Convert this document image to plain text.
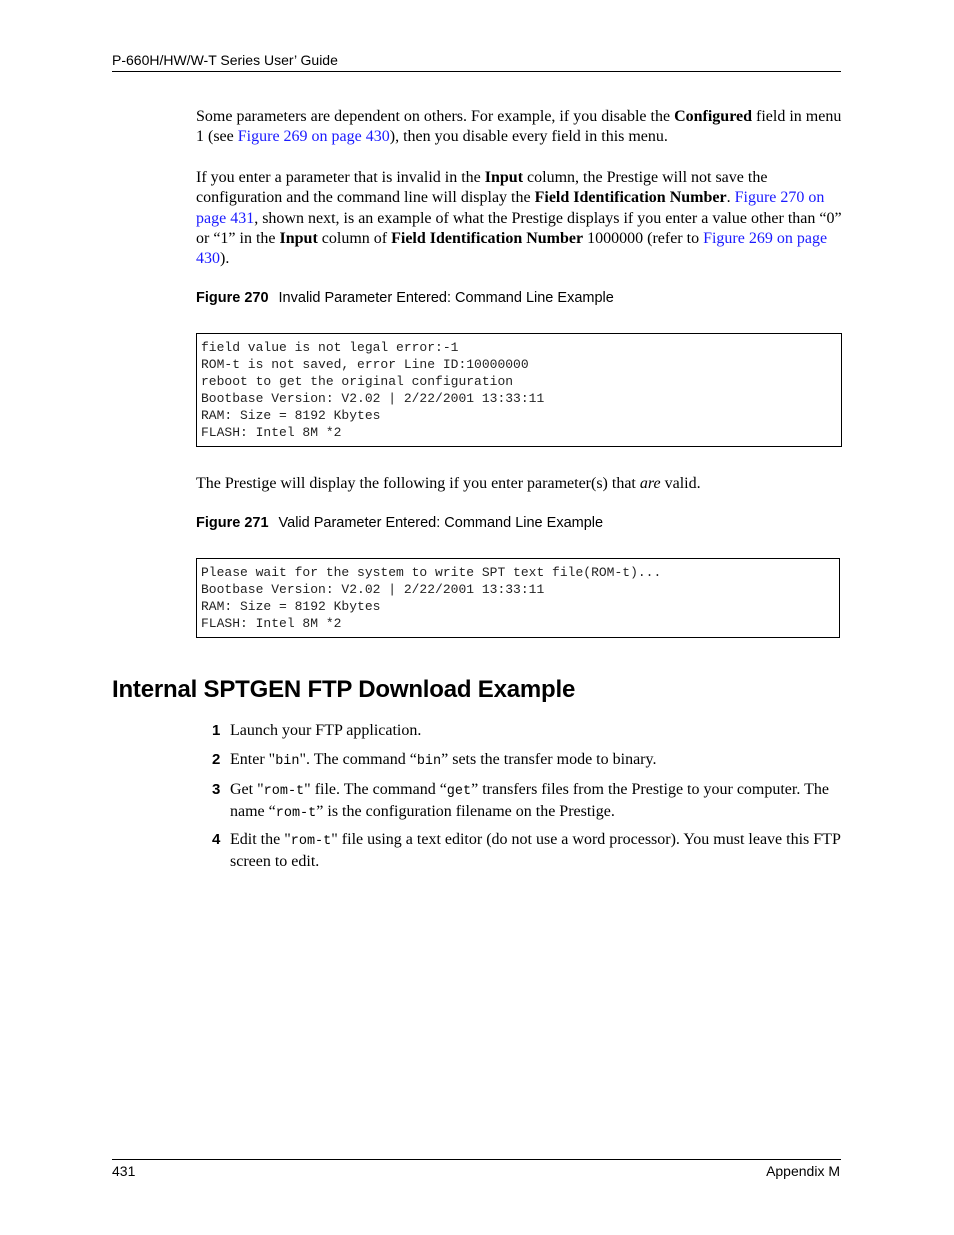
P-660H/HW/W-T Series User’ Guide
Some parameters are dependent on others. For example, if you disable the Configured field in menu 1 (see Figure 269 on page 430), then you disable every field in this menu.
If you enter a parameter that is invalid in the Input column, the Prestige will not save the configuration and the command line will display the Field Identification Number. Figure 270 on page 431, shown next, is an example of what the Prestige displays if you enter a value other than “0” or “1” in the Input column of Field Identification Number 1000000 (refer to Figure 269 on page 430).
Figure 270 Invalid Parameter Entered: Command Line Example
field value is not legal error:-1
ROM-t is not saved, error Line ID:10000000
reboot to get the original configuration
Bootbase Version: V2.02 | 2/22/2001 13:33:11
RAM: Size = 8192 Kbytes
FLASH: Intel 8M *2
The Prestige will display the following if you enter parameter(s) that are valid.
Figure 271 Valid Parameter Entered: Command Line Example
Please wait for the system to write SPT text file(ROM-t)...
Bootbase Version: V2.02 | 2/22/2001 13:33:11
RAM: Size = 8192 Kbytes
FLASH: Intel 8M *2
Internal SPTGEN FTP Download Example
1 Launch your FTP application.
2 Enter "bin". The command “bin” sets the transfer mode to binary.
3 Get "rom-t" file. The command “get” transfers files from the Prestige to your computer. The name “rom-t” is the configuration filename on the Prestige.
4 Edit the "rom-t" file using a text editor (do not use a word processor). You must leave this FTP screen to edit.
431	Appendix M
